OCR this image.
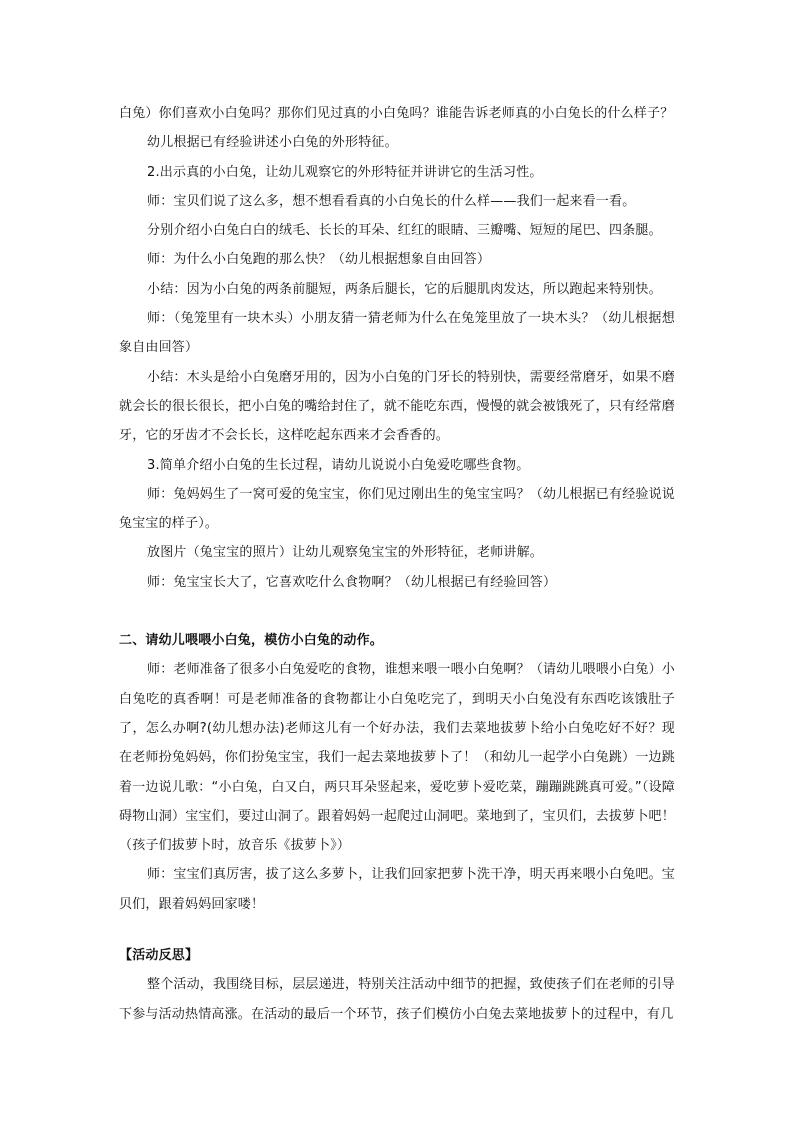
白兔）你们喜欢小白兔吗？那你们见过真的小白兔吗？谁能告诉老师真的小白兔长的什么样子？

幼儿根据已有经验讲述小白兔的外形特征。

2.出示真的小白兔，让幼儿观察它的外形特征并讲讲它的生活习性。

师：宝贝们说了这么多，想不想看看真的小白兔长的什么样——我们一起来看一看。

分别介绍小白兔白白的绒毛、长长的耳朵、红红的眼睛、三瓣嘴、短短的尾巴、四条腿。

师：为什么小白兔跑的那么快？（幼儿根据想象自由回答）

小结：因为小白兔的两条前腿短，两条后腿长，它的后腿肌肉发达，所以跑起来特别快。

师：（兔笼里有一块木头）小朋友猜一猜老师为什么在兔笼里放了一块木头？（幼儿根据想象自由回答）

小结：木头是给小白兔磨牙用的，因为小白兔的门牙长的特别快，需要经常磨牙，如果不磨就会长的很长很长，把小白兔的嘴给封住了，就不能吃东西，慢慢的就会被饿死了，只有经常磨牙，它的牙齿才不会长长，这样吃起东西来才会香香的。

3.简单介绍小白兔的生长过程，请幼儿说说小白兔爱吃哪些食物。

师：兔妈妈生了一窝可爱的兔宝宝，你们见过刚出生的兔宝宝吗？（幼儿根据已有经验说说兔宝宝的样子）。

放图片（兔宝宝的照片）让幼儿观察兔宝宝的外形特征，老师讲解。

师：兔宝宝长大了，它喜欢吃什么食物啊？（幼儿根据已有经验回答）

二、请幼儿喂喂小白兔，模仿小白兔的动作。

师：老师准备了很多小白兔爱吃的食物，谁想来喂一喂小白兔啊？（请幼儿喂喂小白兔）小白兔吃的真香啊！可是老师准备的食物都让小白兔吃完了，到明天小白兔没有东西吃该饿肚子了，怎么办啊?(幼儿想办法)老师这儿有一个好办法，我们去菜地拔萝卜给小白兔吃好不好？现在老师扮兔妈妈，你们扮兔宝宝，我们一起去菜地拔萝卜了！（和幼儿一起学小白兔跳）一边跳着一边说儿歌：“小白兔，白又白，两只耳朵竖起来，爱吃萝卜爱吃菜，蹦蹦跳跳真可爱。”（设障碍物山洞）宝宝们，要过山洞了。跟着妈妈一起爬过山洞吧。菜地到了，宝贝们，去拔萝卜吧！（孩子们拔萝卜时，放音乐《拔萝卜》）

师：宝宝们真厉害，拔了这么多萝卜，让我们回家把萝卜洗干净，明天再来喂小白兔吧。宝贝们，跟着妈妈回家喽！

【活动反思】

整个活动，我围绕目标，层层递进，特别关注活动中细节的把握，致使孩子们在老师的引导下参与活动热情高涨。在活动的最后一个环节，孩子们模仿小白兔去菜地拔萝卜的过程中，有几
